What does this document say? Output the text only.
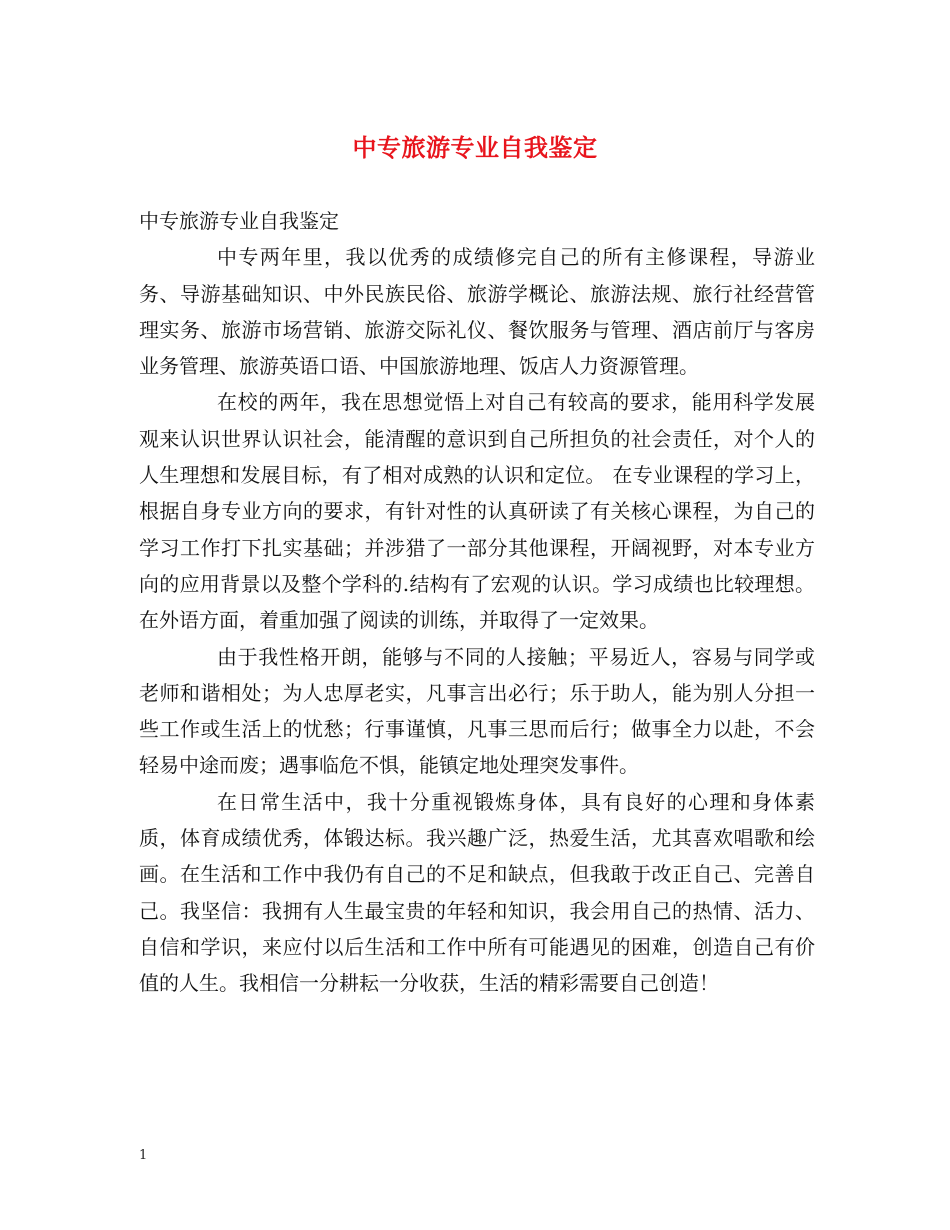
中专旅游专业自我鉴定

中专旅游专业自我鉴定

中专两年里，我以优秀的成绩修完自己的所有主修课程，导游业务、导游基础知识、中外民族民俗、旅游学概论、旅游法规、旅行社经营管理实务、旅游市场营销、旅游交际礼仪、餐饮服务与管理、酒店前厅与客房业务管理、旅游英语口语、中国旅游地理、饭店人力资源管理。

在校的两年，我在思想觉悟上对自己有较高的要求，能用科学发展观来认识世界认识社会，能清醒的意识到自己所担负的社会责任，对个人的人生理想和发展目标，有了相对成熟的认识和定位。 在专业课程的学习上，根据自身专业方向的要求，有针对性的认真研读了有关核心课程，为自己的学习工作打下扎实基础；并涉猎了一部分其他课程，开阔视野，对本专业方向的应用背景以及整个学科的.结构有了宏观的认识。学习成绩也比较理想。在外语方面，着重加强了阅读的训练，并取得了一定效果。

由于我性格开朗，能够与不同的人接触；平易近人，容易与同学或老师和谐相处；为人忠厚老实，凡事言出必行；乐于助人，能为别人分担一些工作或生活上的忧愁；行事谨慎，凡事三思而后行；做事全力以赴，不会轻易中途而废；遇事临危不惧，能镇定地处理突发事件。

在日常生活中，我十分重视锻炼身体，具有良好的心理和身体素质，体育成绩优秀，体锻达标。我兴趣广泛，热爱生活，尤其喜欢唱歌和绘画。在生活和工作中我仍有自己的不足和缺点，但我敢于改正自己、完善自己。我坚信：我拥有人生最宝贵的年轻和知识，我会用自己的热情、活力、自信和学识，来应付以后生活和工作中所有可能遇见的困难，创造自己有价值的人生。我相信一分耕耘一分收获，生活的精彩需要自己创造！

1
